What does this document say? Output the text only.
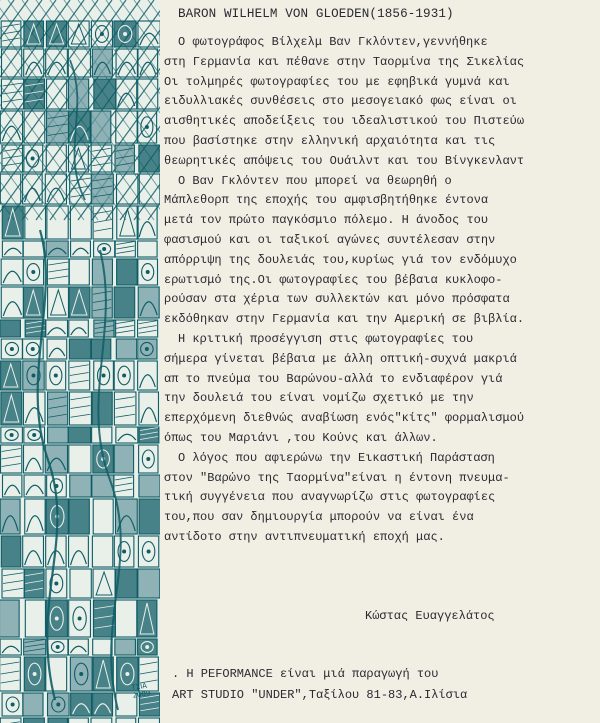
ΤΣΙΑ 2009
BARON WILHELM VON GLOEDEN(1856-1931)
Ο φωτογράφος Βίλχελμ Βαν Γκλόντεν,γεννήθηκε
στη Γερμανία και πέθανε στην Ταορμίνα της Σικελίας
Οι τολμηρές φωτογραφίες του με εφηβικά γυμνά και
ειδυλλιακές συνθέσεις στο μεσογειακό φως είναι οι
αισθητικές αποδείξεις του ιδεαλιστικού του Πιστεύω
που βασίστηκε στην ελληνική αρχαιότητα και τις
θεωρητικές απόψεις του Ουάιλντ και του Βίνγκενλαντ
Ο Βαν Γκλόντεν που μπορεί να θεωρηθή ο
Μάπλεθορπ της εποχής του αμφισβητήθηκε έντονα
μετά τον πρώτο παγκόσμιο πόλεμο. Η άνοδος του
φασισμού και οι ταξικοί αγώνες συντέλεσαν στην
απόρριψη της δουλειάς του,κυρίως γιά τον ενδόμυχο
ερωτισμό της.Οι φωτογραφίες του βέβαια κυκλοφο-
ρούσαν στα χέρια των συλλεκτών και μόνο πρόσφατα
εκδόθηκαν στην Γερμανία και την Αμερική σε βιβλία.
Η κριτική προσέγγιση στις φωτογραφίες του
σήμερα γίνεται βέβαια με άλλη οπτική-συχνά μακριά
απ το πνεύμα του Βαρώνου-αλλά το ενδιαφέρον γιά
την δουλειά του είναι νομίζω σχετικό με την
επερχόμενη διεθνώς αναβίωση ενός"κίτς" φορμαλισμού
όπως του Μαριάνι ,του Κούνς και άλλων.
Ο λόγος που αφιερώνω την Εικαστική Παράσταση
στον "Βαρώνο της Ταορμίνα"είναι η έντονη πνευμα-
τική συγγένεια που αναγνωρίζω στις φωτογραφίες
του,που σαν δημιουργία μπορούν να είναι ένα
αντίδοτο στην αντιπνευματική εποχή μας.
Κώστας Ευαγγελάτος
. Η PEFORMANCE είναι μιά παραγωγή του
ART STUDIO "UNDER",Ταξίλου 81-83,Α.Ιλίσια
